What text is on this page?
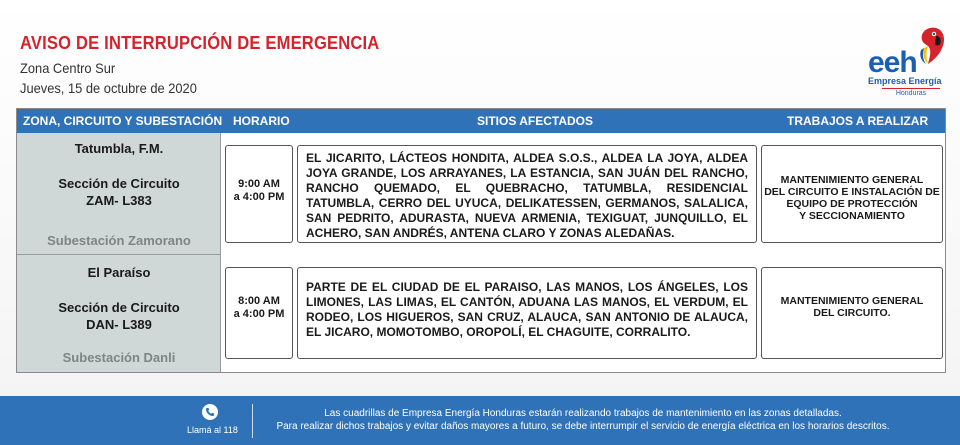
AVISO DE INTERRUPCIÓN DE EMERGENCIA
Zona Centro Sur
Jueves, 15 de octubre de 2020
eeh
Empresa Energía
Honduras
ZONA, CIRCUITO Y SUBESTACIÓN HORARIO	SITIOS AFECTADOS	TRABAJOS A REALIZAR
Tatumbla, F.M.
Sección de Circuito
ZAM- L383
Subestación Zamorano
9:00 AM
a 4:00 PM
EL JICARITO, LÁCTEOS HONDITA, ALDEA S.O.S., ALDEA LA JOYA, ALDEA JOYA GRANDE, LOS ARRAYANES, LA ESTANCIA, SAN JUÁN DEL RANCHO, RANCHO QUEMADO, EL QUEBRACHO, TATUMBLA, RESIDENCIAL TATUMBLA, CERRO DEL UYUCA, DELIKATESSEN, GERMANOS, SALALICA, SAN PEDRITO, ADURASTA, NUEVA ARMENIA, TEXIGUAT, JUNQUILLO, EL ACHERO, SAN ANDRÉS, ANTENA CLARO Y ZONAS ALEDAÑAS.
MANTENIMIENTO GENERAL
DEL CIRCUITO E INSTALACIÓN DE
EQUIPO DE PROTECCIÓN
Y SECCIONAMIENTO
El Paraíso
Sección de Circuito
DAN- L389
Subestación Danli
8:00 AM
a 4:00 PM
PARTE DE EL CIUDAD DE EL PARAISO, LAS MANOS, LOS ÁNGELES, LOS LIMONES, LAS LIMAS, EL CANTÓN, ADUANA LAS MANOS, EL VERDUM, EL RODEO, LOS HIGUEROS, SAN CRUZ, ALAUCA, SAN ANTONIO DE ALAUCA, EL JICARO, MOMOTOMBO, OROPOLÍ, EL CHAGUITE, CORRALITO.
MANTENIMIENTO GENERAL
DEL CIRCUITO.
Llamá al 118
Las cuadrillas de Empresa Energía Honduras estarán realizando trabajos de mantenimiento en las zonas detalladas.
Para realizar dichos trabajos y evitar daños mayores a futuro, se debe interrumpir el servicio de energía eléctrica en los horarios descritos.
